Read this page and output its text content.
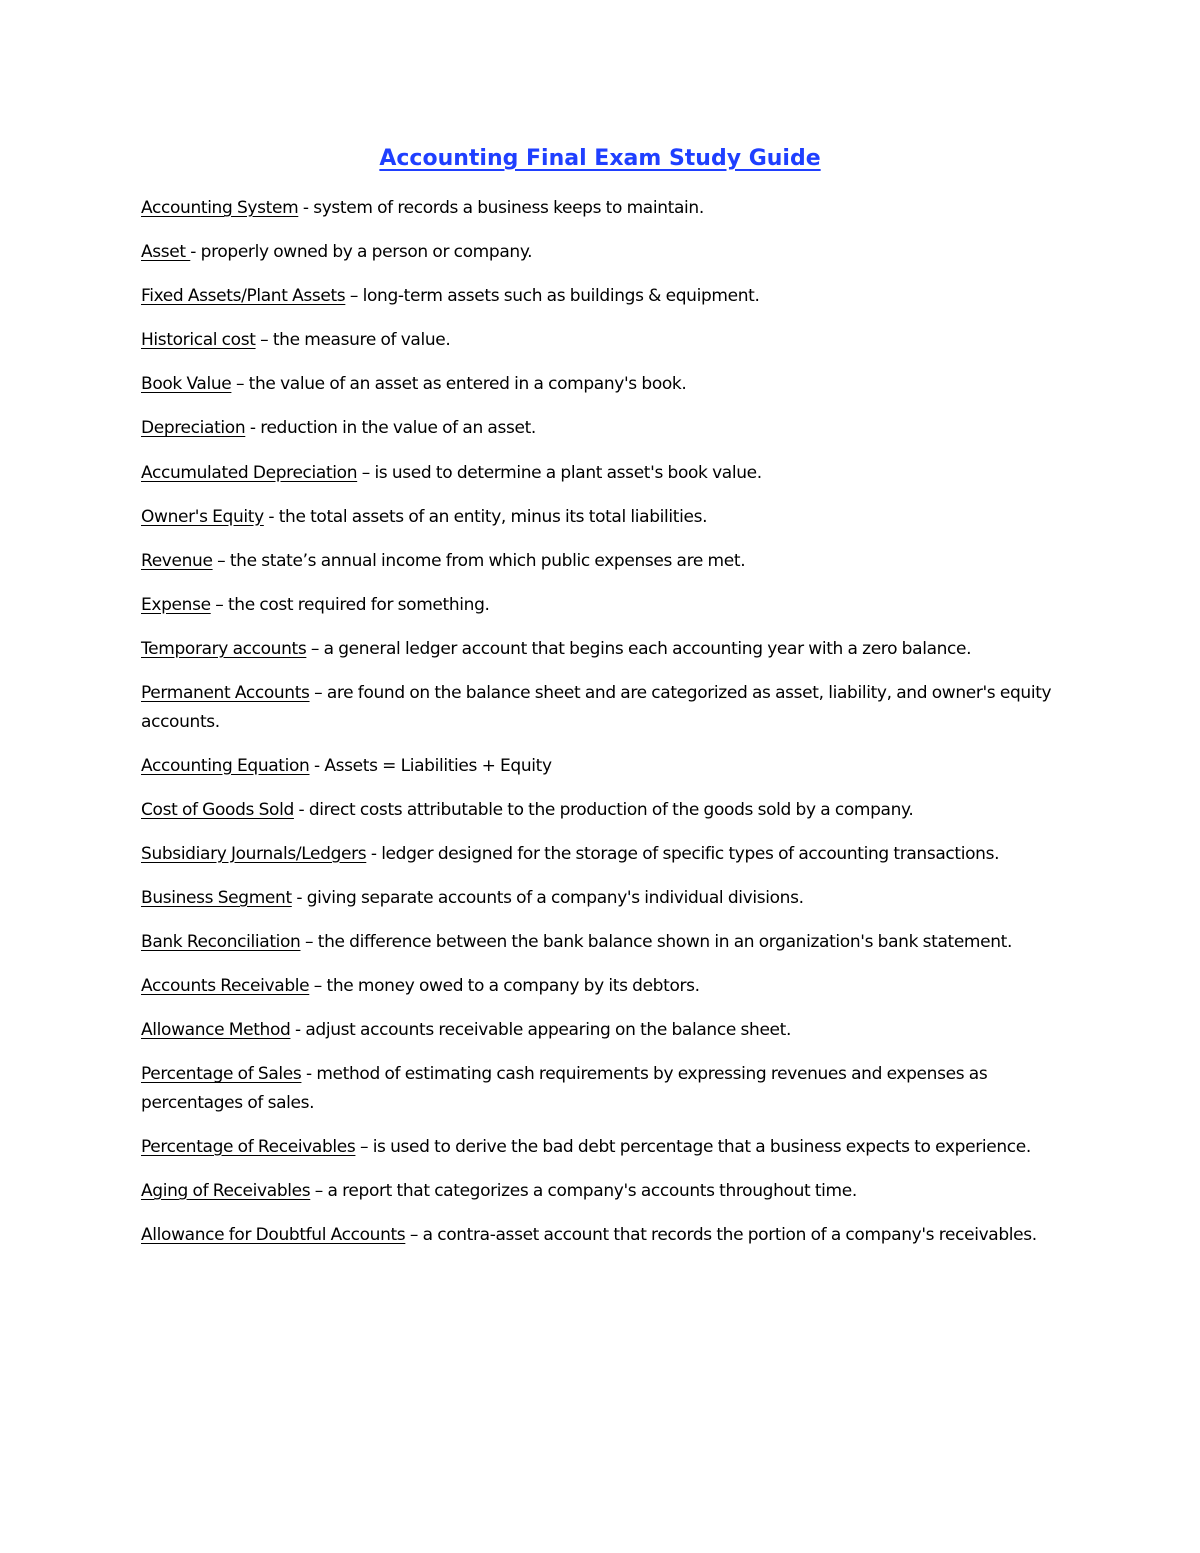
Accounting Final Exam Study Guide
Accounting System - system of records a business keeps to maintain.
Asset - properly owned by a person or company.
Fixed Assets/Plant Assets – long-term assets such as buildings & equipment.
Historical cost – the measure of value.
Book Value – the value of an asset as entered in a company's book.
Depreciation - reduction in the value of an asset.
Accumulated Depreciation – is used to determine a plant asset's book value.
Owner's Equity - the total assets of an entity, minus its total liabilities.
Revenue – the state’s annual income from which public expenses are met.
Expense – the cost required for something.
Temporary accounts – a general ledger account that begins each accounting year with a zero balance.
Permanent Accounts – are found on the balance sheet and are categorized as asset, liability, and owner's equity accounts.
Accounting Equation - Assets = Liabilities + Equity
Cost of Goods Sold - direct costs attributable to the production of the goods sold by a company.
Subsidiary Journals/Ledgers - ledger designed for the storage of specific types of accounting transactions.
Business Segment - giving separate accounts of a company's individual divisions.
Bank Reconciliation – the difference between the bank balance shown in an organization's bank statement.
Accounts Receivable – the money owed to a company by its debtors.
Allowance Method - adjust accounts receivable appearing on the balance sheet.
Percentage of Sales - method of estimating cash requirements by expressing revenues and expenses as percentages of sales.
Percentage of Receivables – is used to derive the bad debt percentage that a business expects to experience.
Aging of Receivables – a report that categorizes a company's accounts throughout time.
Allowance for Doubtful Accounts – a contra-asset account that records the portion of a company's receivables.
